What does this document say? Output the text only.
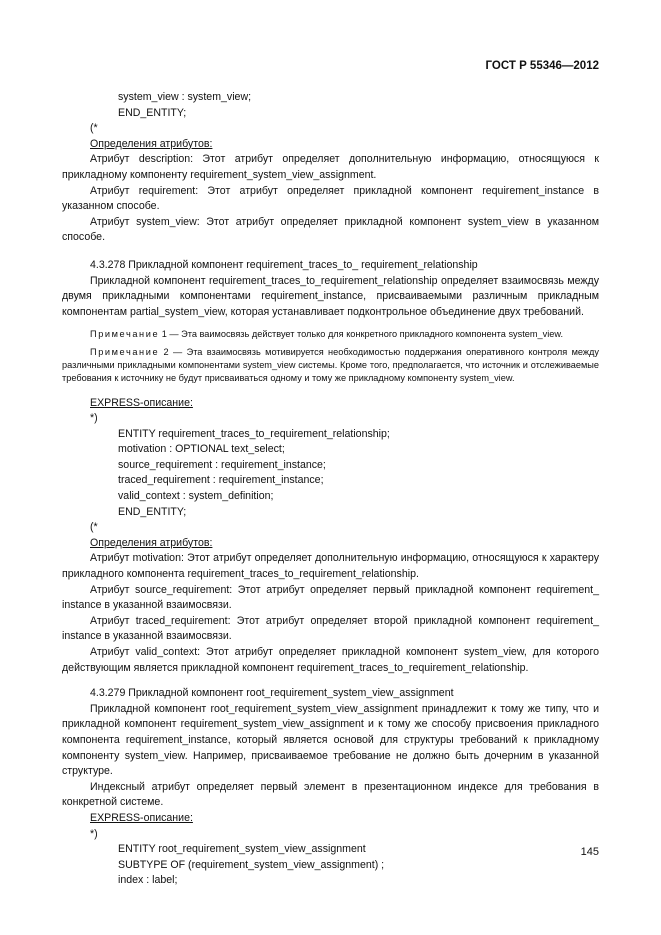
ГОСТ Р 55346—2012
system_view : system_view;
END_ENTITY;
(*
Определения атрибутов:

Атрибут description: Этот атрибут определяет дополнительную информацию, относящуюся к прикладному компоненту requirement_system_view_assignment.

Атрибут requirement: Этот атрибут определяет прикладной компонент requirement_instance в указанном способе.

Атрибут system_view: Этот атрибут определяет прикладной компонент system_view в указанном способе.

4.3.278 Прикладной компонент requirement_traces_to_ requirement_relationship

Прикладной компонент requirement_traces_to_requirement_relationship определяет взаимосвязь между двумя прикладными компонентами requirement_instance, присваиваемыми различным прикладным компонентам partial_system_view, которая устанавливает подконтрольное объединение двух требований.

Примечание 1 — Эта ваимосвязь действует только для конкретного прикладного компонента system_view.

Примечание 2 — Эта взаимосвязь мотивируется необходимостью поддержания оперативного контроля между различными прикладными компонентами system_view системы. Кроме того, предполагается, что источник и отслеживаемые требования к источнику не будут присваиваться одному и тому же прикладному компоненту system_view.

EXPRESS-описание:
*)
ENTITY requirement_traces_to_requirement_relationship;
motivation : OPTIONAL text_select;
source_requirement : requirement_instance;
traced_requirement : requirement_instance;
valid_context : system_definition;
END_ENTITY;
(*
Определения атрибутов:

Атрибут motivation: Этот атрибут определяет дополнительную информацию, относящуюся к характеру прикладного компонента requirement_traces_to_requirement_relationship.

Атрибут source_requirement: Этот атрибут определяет первый прикладной компонент requirement_ instance в указанной взаимосвязи.

Атрибут traced_requirement: Этот атрибут определяет второй прикладной компонент requirement_ instance в указанной взаимосвязи.

Атрибут valid_context: Этот атрибут определяет прикладной компонент system_view, для которого действующим является прикладной компонент requirement_traces_to_requirement_relationship.

4.3.279 Прикладной компонент root_requirement_system_view_assignment

Прикладной компонент root_requirement_system_view_assignment принадлежит к тому же типу, что и прикладной компонент requirement_system_view_assignment и к тому же способу присвоения прикладного компонента requirement_instance, который является основой для структуры требований к прикладному компоненту system_view. Например, присваиваемое требование не должно быть дочерним в указанной структуре.

Индексный атрибут определяет первый элемент в презентационном индексе для требования в конкретной системе.

EXPRESS-описание:
*)
ENTITY root_requirement_system_view_assignment
SUBTYPE OF (requirement_system_view_assignment) ;
index : label;
145
